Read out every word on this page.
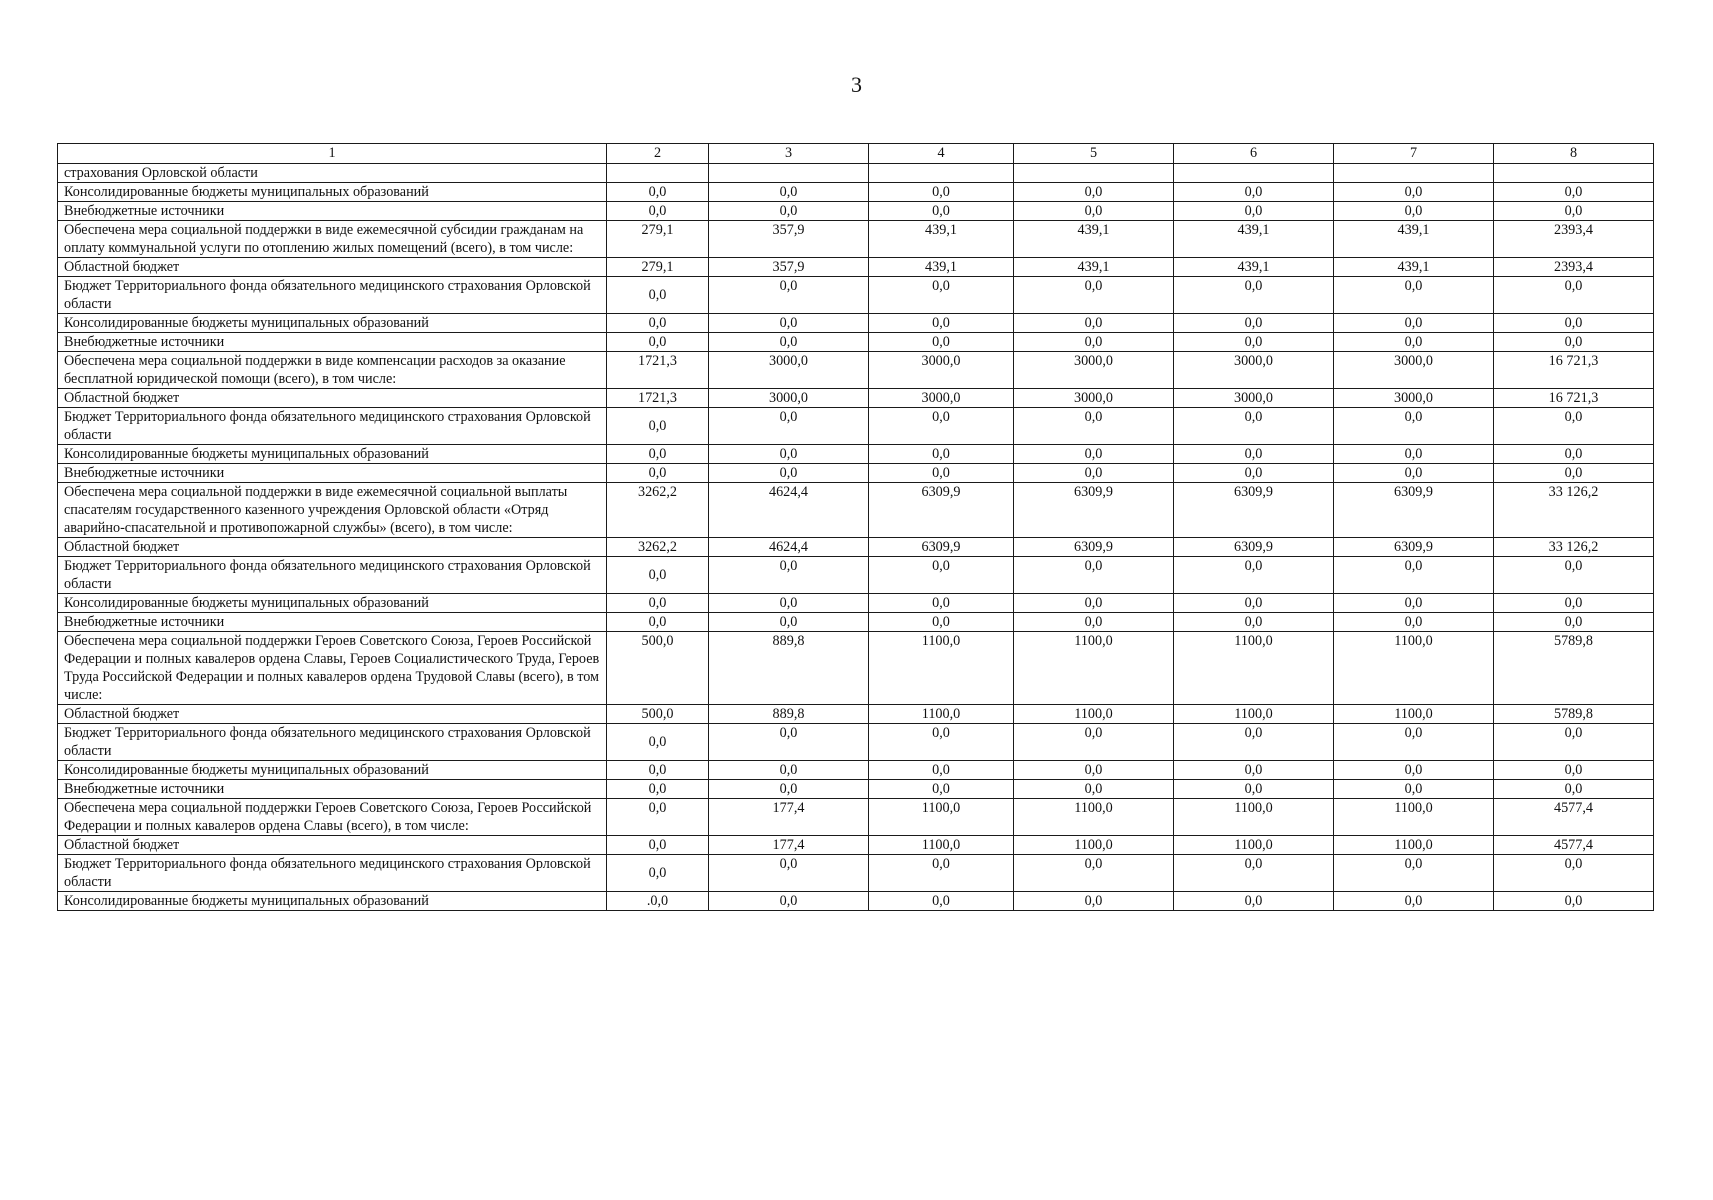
3
1	2	3	4	5	6	7	8
страхования Орловской области							
Консолидированные бюджеты муниципальных образований	0,0	0,0	0,0	0,0	0,0	0,0	0,0
Внебюджетные источники	0,0	0,0	0,0	0,0	0,0	0,0	0,0
Обеспечена мера социальной поддержки в виде ежемесячной субсидии гражданам на оплату коммунальной услуги по отоплению жилых помещений (всего), в том числе:	279,1	357,9	439,1	439,1	439,1	439,1	2393,4
Областной бюджет	279,1	357,9	439,1	439,1	439,1	439,1	2393,4
Бюджет Территориального фонда обязательного медицинского страхования Орловской области	0,0	0,0	0,0	0,0	0,0	0,0	0,0
Консолидированные бюджеты муниципальных образований	0,0	0,0	0,0	0,0	0,0	0,0	0,0
Внебюджетные источники	0,0	0,0	0,0	0,0	0,0	0,0	0,0
Обеспечена мера социальной поддержки в виде компенсации расходов за оказание бесплатной юридической помощи (всего), в том числе:	1721,3	3000,0	3000,0	3000,0	3000,0	3000,0	16 721,3
Областной бюджет	1721,3	3000,0	3000,0	3000,0	3000,0	3000,0	16 721,3
Бюджет Территориального фонда обязательного медицинского страхования Орловской области	0,0	0,0	0,0	0,0	0,0	0,0	0,0
Консолидированные бюджеты муниципальных образований	0,0	0,0	0,0	0,0	0,0	0,0	0,0
Внебюджетные источники	0,0	0,0	0,0	0,0	0,0	0,0	0,0
Обеспечена мера социальной поддержки в виде ежемесячной социальной выплаты спасателям государственного казенного учреждения Орловской области «Отряд аварийно-спасательной и противопожарной службы» (всего), в том числе:	3262,2	4624,4	6309,9	6309,9	6309,9	6309,9	33 126,2
Областной бюджет	3262,2	4624,4	6309,9	6309,9	6309,9	6309,9	33 126,2
Бюджет Территориального фонда обязательного медицинского страхования Орловской области	0,0	0,0	0,0	0,0	0,0	0,0	0,0
Консолидированные бюджеты муниципальных образований	0,0	0,0	0,0	0,0	0,0	0,0	0,0
Внебюджетные источники	0,0	0,0	0,0	0,0	0,0	0,0	0,0
Обеспечена мера социальной поддержки Героев Советского Союза, Героев Российской Федерации и полных кавалеров ордена Славы, Героев Социалистического Труда, Героев Труда Российской Федерации и полных кавалеров ордена Трудовой Славы (всего), в том числе:	500,0	889,8	1100,0	1100,0	1100,0	1100,0	5789,8
Областной бюджет	500,0	889,8	1100,0	1100,0	1100,0	1100,0	5789,8
Бюджет Территориального фонда обязательного медицинского страхования Орловской области	0,0	0,0	0,0	0,0	0,0	0,0	0,0
Консолидированные бюджеты муниципальных образований	0,0	0,0	0,0	0,0	0,0	0,0	0,0
Внебюджетные источники	0,0	0,0	0,0	0,0	0,0	0,0	0,0
Обеспечена мера социальной поддержки Героев Советского Союза, Героев Российской Федерации и полных кавалеров ордена Славы (всего), в том числе:	0,0	177,4	1100,0	1100,0	1100,0	1100,0	4577,4
Областной бюджет	0,0	177,4	1100,0	1100,0	1100,0	1100,0	4577,4
Бюджет Территориального фонда обязательного медицинского страхования Орловской области	0,0	0,0	0,0	0,0	0,0	0,0	0,0
Консолидированные бюджеты муниципальных образований	.0,0	0,0	0,0	0,0	0,0	0,0	0,0
